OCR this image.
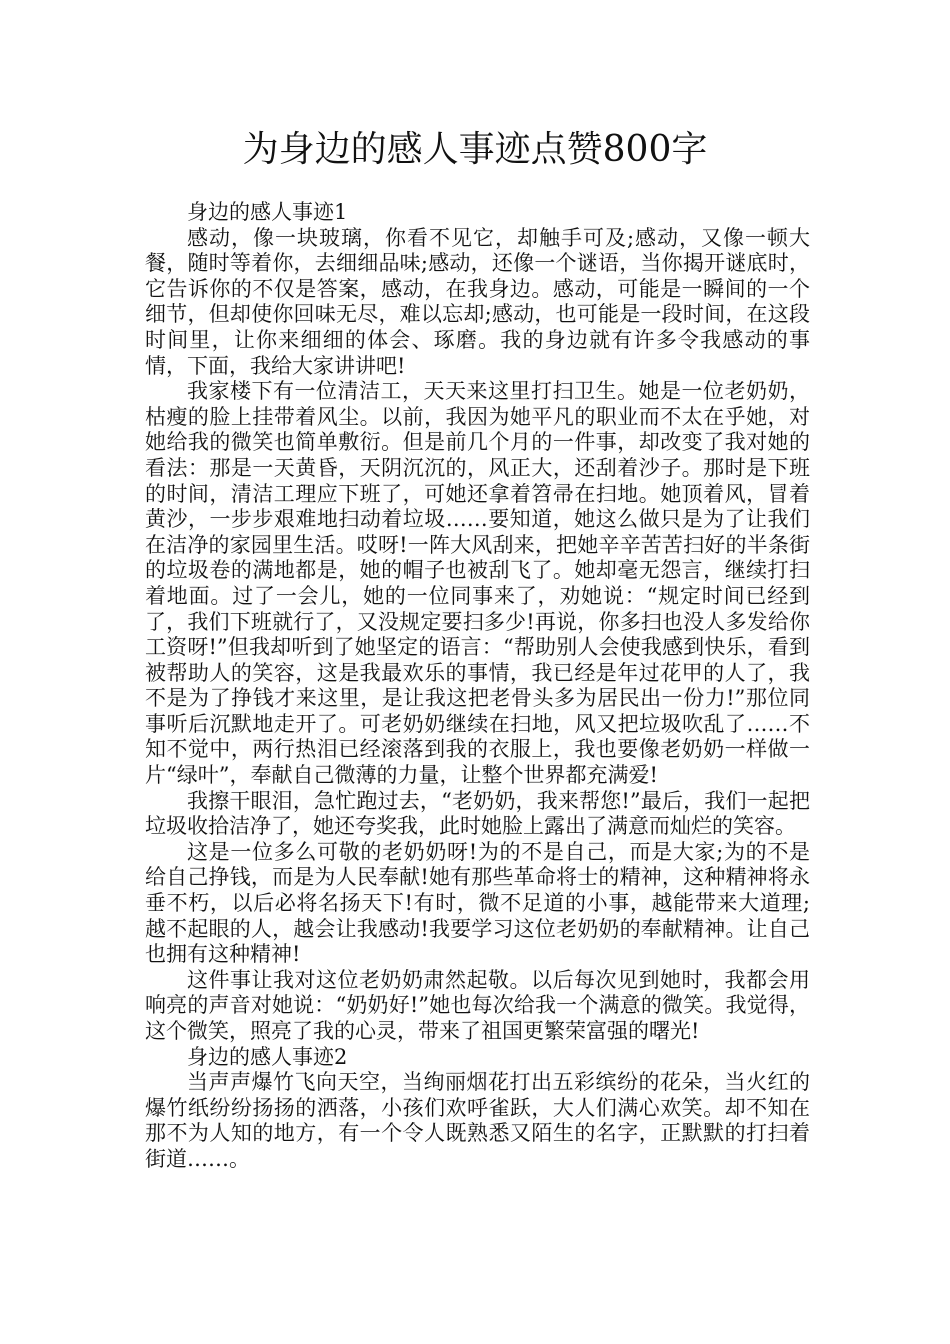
为身边的感人事迹点赞800字

身边的感人事迹1

感动，像一块玻璃，你看不见它，却触手可及;感动，又像一顿大餐，随时等着你，去细细品味;感动，还像一个谜语，当你揭开谜底时，它告诉你的不仅是答案，感动，在我身边。感动，可能是一瞬间的一个细节，但却使你回味无尽，难以忘却;感动，也可能是一段时间，在这段时间里，让你来细细的体会、琢磨。我的身边就有许多令我感动的事情，下面，我给大家讲讲吧!

我家楼下有一位清洁工，天天来这里打扫卫生。她是一位老奶奶，枯瘦的脸上挂带着风尘。以前，我因为她平凡的职业而不太在乎她，对她给我的微笑也简单敷衍。但是前几个月的一件事，却改变了我对她的看法：那是一天黄昏，天阴沉沉的，风正大，还刮着沙子。那时是下班的时间，清洁工理应下班了，可她还拿着笤帚在扫地。她顶着风，冒着黄沙，一步步艰难地扫动着垃圾……要知道，她这么做只是为了让我们在洁净的家园里生活。哎呀!一阵大风刮来，把她辛辛苦苦扫好的半条街的垃圾卷的满地都是，她的帽子也被刮飞了。她却毫无怨言，继续打扫着地面。过了一会儿，她的一位同事来了，劝她说：“规定时间已经到了，我们下班就行了，又没规定要扫多少!再说，你多扫也没人多发给你工资呀!”但我却听到了她坚定的语言：“帮助别人会使我感到快乐，看到被帮助人的笑容，这是我最欢乐的事情，我已经是年过花甲的人了，我不是为了挣钱才来这里，是让我这把老骨头多为居民出一份力!”那位同事听后沉默地走开了。可老奶奶继续在扫地，风又把垃圾吹乱了……不知不觉中，两行热泪已经滚落到我的衣服上，我也要像老奶奶一样做一片“绿叶”，奉献自己微薄的力量，让整个世界都充满爱!

我擦干眼泪，急忙跑过去，“老奶奶，我来帮您!”最后，我们一起把垃圾收拾洁净了，她还夸奖我，此时她脸上露出了满意而灿烂的笑容。

这是一位多么可敬的老奶奶呀!为的不是自己，而是大家;为的不是给自己挣钱，而是为人民奉献!她有那些革命将士的精神，这种精神将永垂不朽，以后必将名扬天下!有时，微不足道的小事，越能带来大道理;越不起眼的人，越会让我感动!我要学习这位老奶奶的奉献精神。让自己也拥有这种精神!

这件事让我对这位老奶奶肃然起敬。以后每次见到她时，我都会用响亮的声音对她说：“奶奶好!”她也每次给我一个满意的微笑。我觉得，这个微笑，照亮了我的心灵，带来了祖国更繁荣富强的曙光!

身边的感人事迹2

当声声爆竹飞向天空，当绚丽烟花打出五彩缤纷的花朵，当火红的爆竹纸纷纷扬扬的洒落，小孩们欢呼雀跃，大人们满心欢笑。却不知在那不为人知的地方，有一个令人既熟悉又陌生的名字，正默默的打扫着街道……。
